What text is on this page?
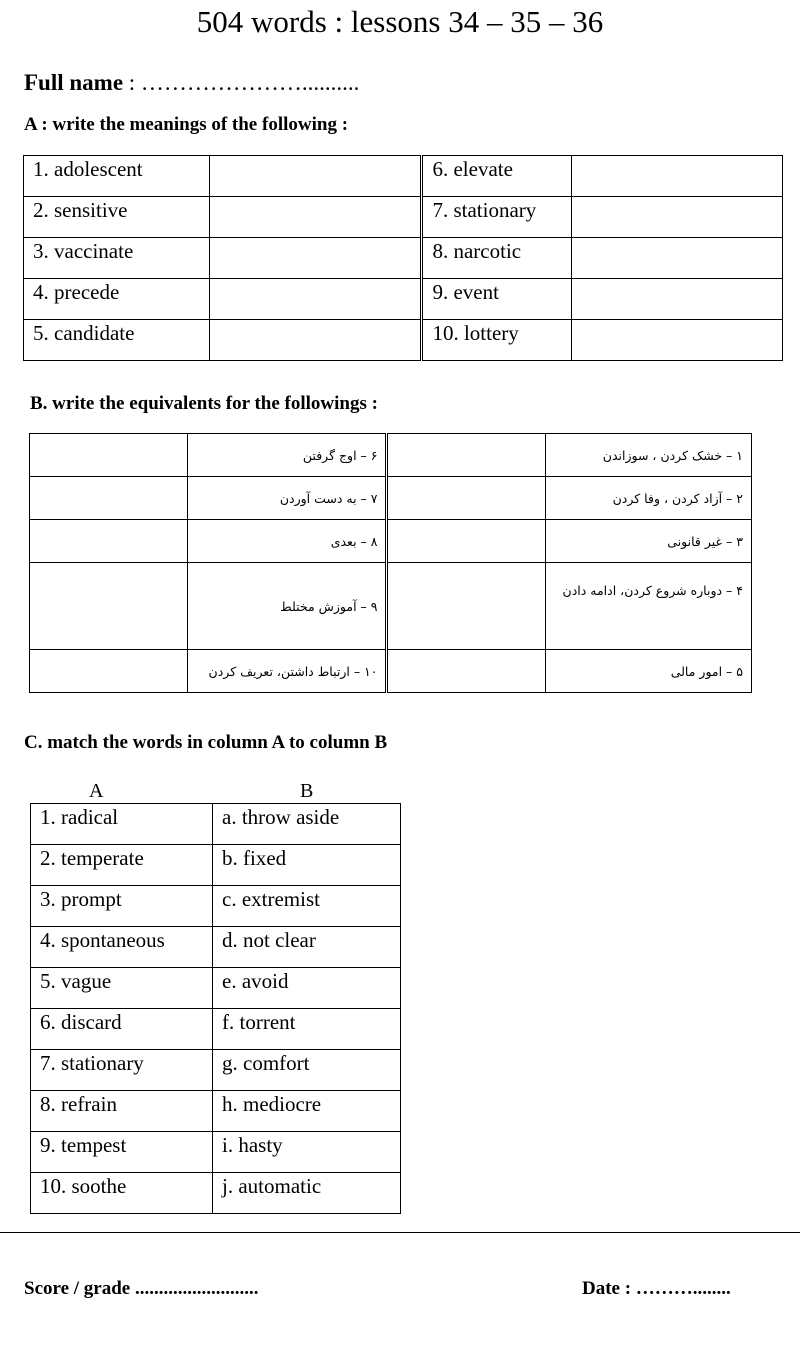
504 words : lessons 34 – 35 – 36
Full name : …………………..........
A : write the meanings of the following :
1. adolescent		6. elevate	
2. sensitive		7. stationary	
3. vaccinate		8. narcotic	
4. precede		9. event	
5. candidate		10. lottery	
B. write the equivalents for the followings :
	۶ – اوج گرفتن		۱ – خشک کردن ، سوزاندن
	۷ – به دست آوردن		۲ – آزاد کردن ، وفا کردن
	۸ – بعدی		۳ – غیر قانونی
	۹ – آموزش مختلط		۴ – دوباره شروع کردن، ادامه دادن
	۱۰ – ارتباط داشتن، تعریف کردن		۵ – امور مالی
C. match the words in column A to column B
A	B
1. radical	a. throw aside
2. temperate	b. fixed
3. prompt	c. extremist
4. spontaneous	d. not clear
5. vague	e. avoid
6. discard	f. torrent
7. stationary	g. comfort
8. refrain	h. mediocre
9. tempest	i. hasty
10. soothe	j. automatic
Score / grade ..........................	Date : ………........
